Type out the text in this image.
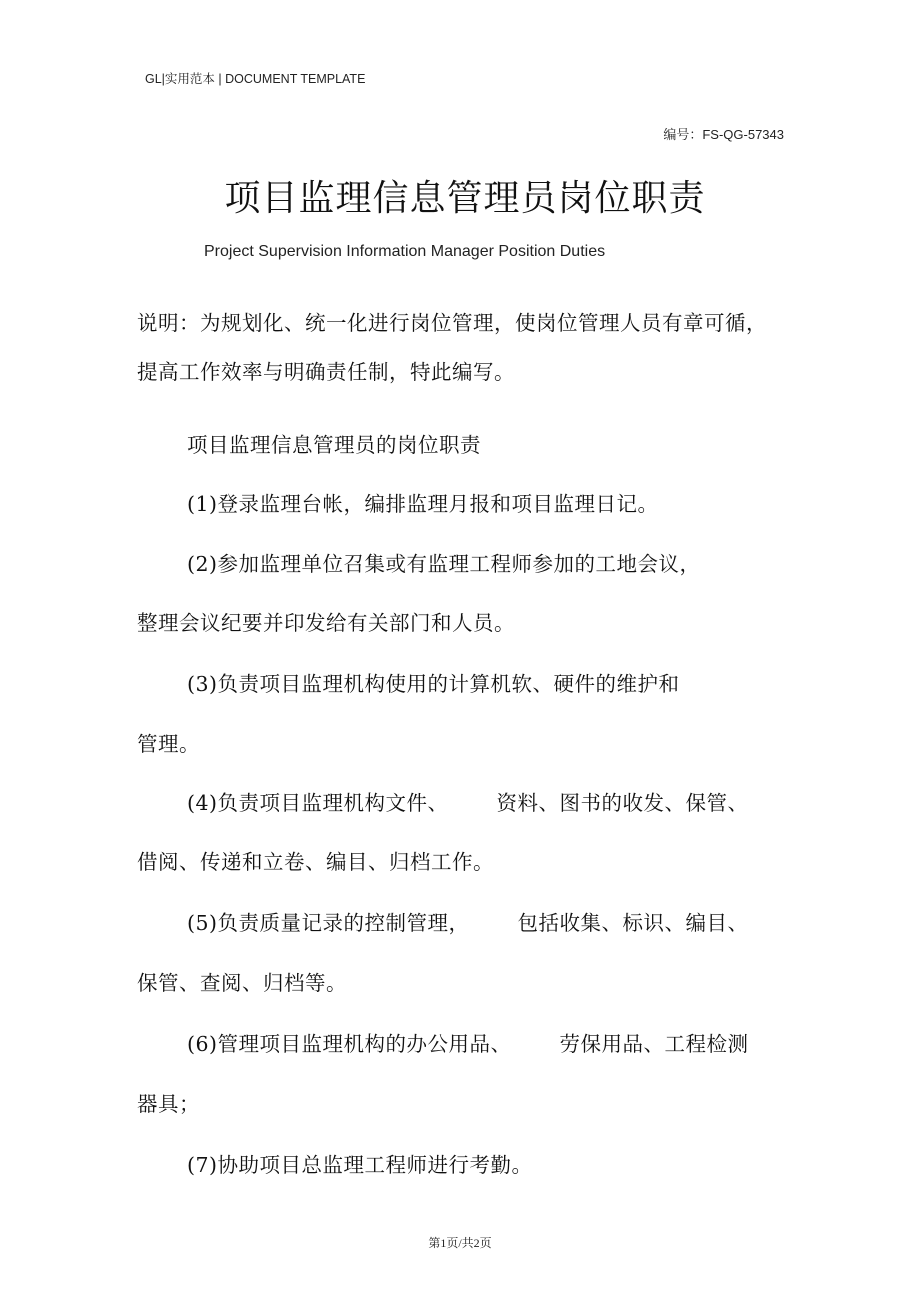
GL|实用范本 | DOCUMENT TEMPLATE
编号：FS-QG-57343
项目监理信息管理员岗位职责
Project Supervision Information Manager Position Duties
说明：为规划化、统一化进行岗位管理，使岗位管理人员有章可循，
提高工作效率与明确责任制，特此编写。
项目监理信息管理员的岗位职责
(1)登录监理台帐，编排监理月报和项目监理日记。
(2)参加监理单位召集或有监理工程师参加的工地会议，
整理会议纪要并印发给有关部门和人员。
(3)负责项目监理机构使用的计算机软、硬件的维护和
管理。
(4)负责项目监理机构文件、 资料、图书的收发、保管、
借阅、传递和立卷、编目、归档工作。
(5)负责质量记录的控制管理， 包括收集、标识、编目、
保管、查阅、归档等。
(6)管理项目监理机构的办公用品、 劳保用品、工程检测
器具；
(7)协助项目总监理工程师进行考勤。
第1页/共2页
